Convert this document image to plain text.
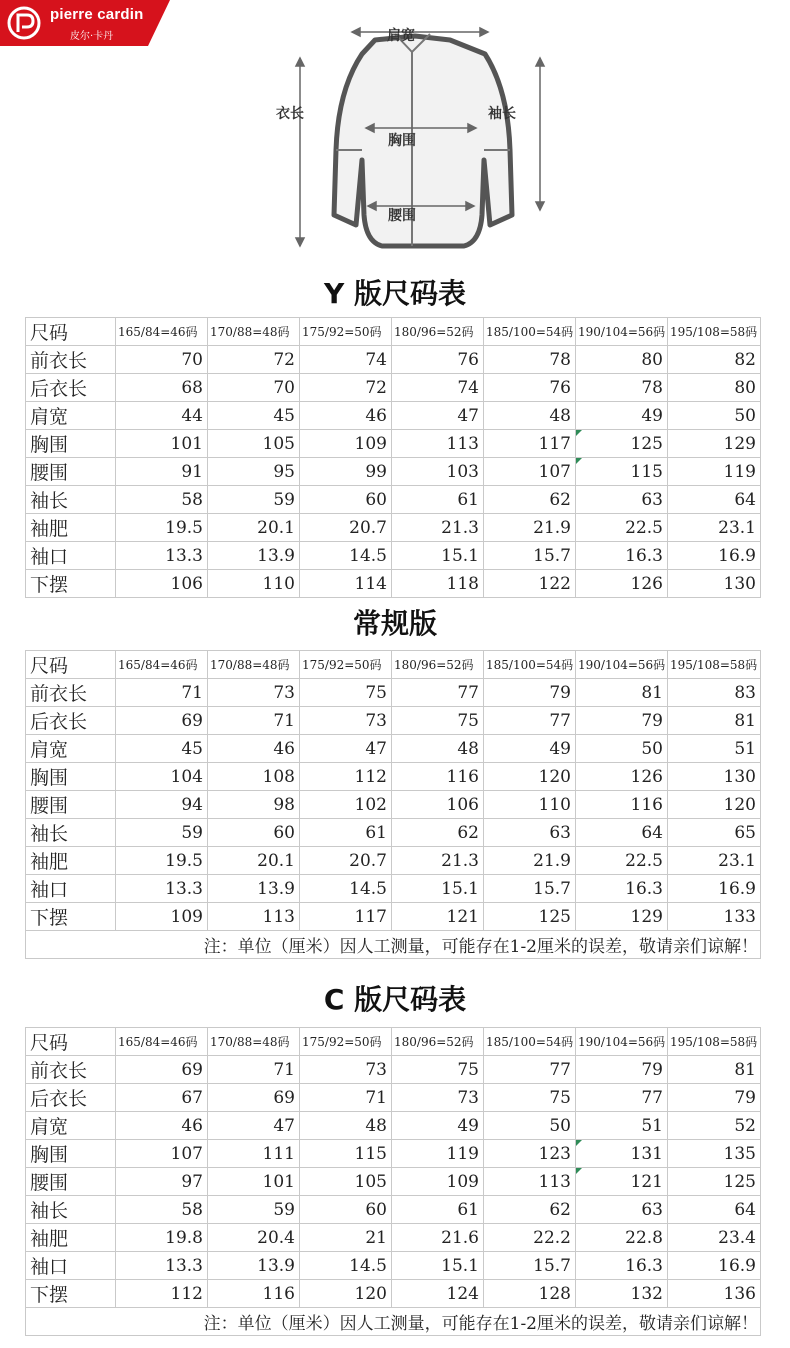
pierre cardin
皮尔·卡丹	肩宽
衣长	袖长
胸围
腰围
Y 版尺码表
常规版
C 版尺码表
尺码	165/84=46码	170/88=48码	175/92=50码	180/96=52码	185/100=54码	190/104=56码	195/108=58码
前衣长	70	72	74	76	78	80	82
后衣长	68	70	72	74	76	78	80
肩宽	44	45	46	47	48	49	50
胸围	101	105	109	113	117	125	129
腰围	91	95	99	103	107	115	119
袖长	58	59	60	61	62	63	64
袖肥	19.5	20.1	20.7	21.3	21.9	22.5	23.1
袖口	13.3	13.9	14.5	15.1	15.7	16.3	16.9
下摆	106	110	114	118	122	126	130
尺码	165/84=46码	170/88=48码	175/92=50码	180/96=52码	185/100=54码	190/104=56码	195/108=58码
前衣长	71	73	75	77	79	81	83
后衣长	69	71	73	75	77	79	81
肩宽	45	46	47	48	49	50	51
胸围	104	108	112	116	120	126	130
腰围	94	98	102	106	110	116	120
袖长	59	60	61	62	63	64	65
袖肥	19.5	20.1	20.7	21.3	21.9	22.5	23.1
袖口	13.3	13.9	14.5	15.1	15.7	16.3	16.9
下摆	109	113	117	121	125	129	133
注：单位（厘米）因人工测量，可能存在1-2厘米的误差，敬请亲们谅解！							
尺码	165/84=46码	170/88=48码	175/92=50码	180/96=52码	185/100=54码	190/104=56码	195/108=58码
前衣长	69	71	73	75	77	79	81
后衣长	67	69	71	73	75	77	79
肩宽	46	47	48	49	50	51	52
胸围	107	111	115	119	123	131	135
腰围	97	101	105	109	113	121	125
袖长	58	59	60	61	62	63	64
袖肥	19.8	20.4	21	21.6	22.2	22.8	23.4
袖口	13.3	13.9	14.5	15.1	15.7	16.3	16.9
下摆	112	116	120	124	128	132	136
注：单位（厘米）因人工测量，可能存在1-2厘米的误差，敬请亲们谅解！							
